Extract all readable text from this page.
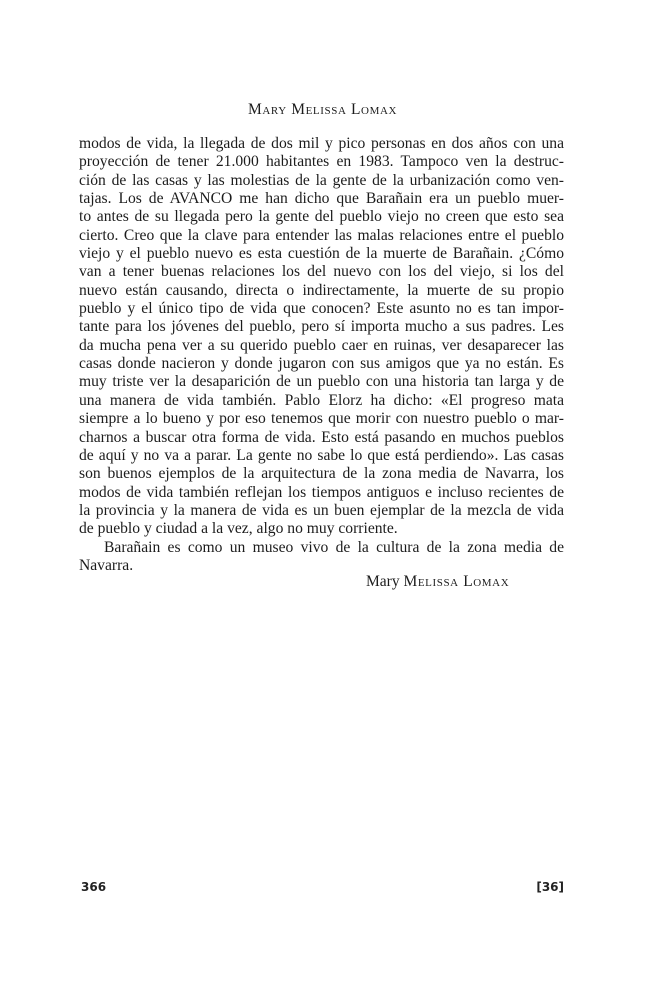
Mary Melissa Lomax
modos de vida, la llegada de dos mil y pico personas en dos años con una
proyección de tener 21.000 habitantes en 1983. Tampoco ven la destruc-
ción de las casas y las molestias de la gente de la urbanización como ven-
tajas. Los de AVANCO me han dicho que Barañain era un pueblo muer-
to antes de su llegada pero la gente del pueblo viejo no creen que esto sea
cierto. Creo que la clave para entender las malas relaciones entre el pueblo
viejo y el pueblo nuevo es esta cuestión de la muerte de Barañain. ¿Cómo
van a tener buenas relaciones los del nuevo con los del viejo, si los del
nuevo están causando, directa o indirectamente, la muerte de su propio
pueblo y el único tipo de vida que conocen? Este asunto no es tan impor-
tante para los jóvenes del pueblo, pero sí importa mucho a sus padres. Les
da mucha pena ver a su querido pueblo caer en ruinas, ver desaparecer las
casas donde nacieron y donde jugaron con sus amigos que ya no están. Es
muy triste ver la desaparición de un pueblo con una historia tan larga y de
una manera de vida también. Pablo Elorz ha dicho: «El progreso mata
siempre a lo bueno y por eso tenemos que morir con nuestro pueblo o mar-
charnos a buscar otra forma de vida. Esto está pasando en muchos pueblos
de aquí y no va a parar. La gente no sabe lo que está perdiendo». Las casas
son buenos ejemplos de la arquitectura de la zona media de Navarra, los
modos de vida también reflejan los tiempos antiguos e incluso recientes de
la provincia y la manera de vida es un buen ejemplar de la mezcla de vida
de pueblo y ciudad a la vez, algo no muy corriente.
Barañain es como un museo vivo de la cultura de la zona media de
Navarra.
Mary Melissa Lomax
366	[36]
